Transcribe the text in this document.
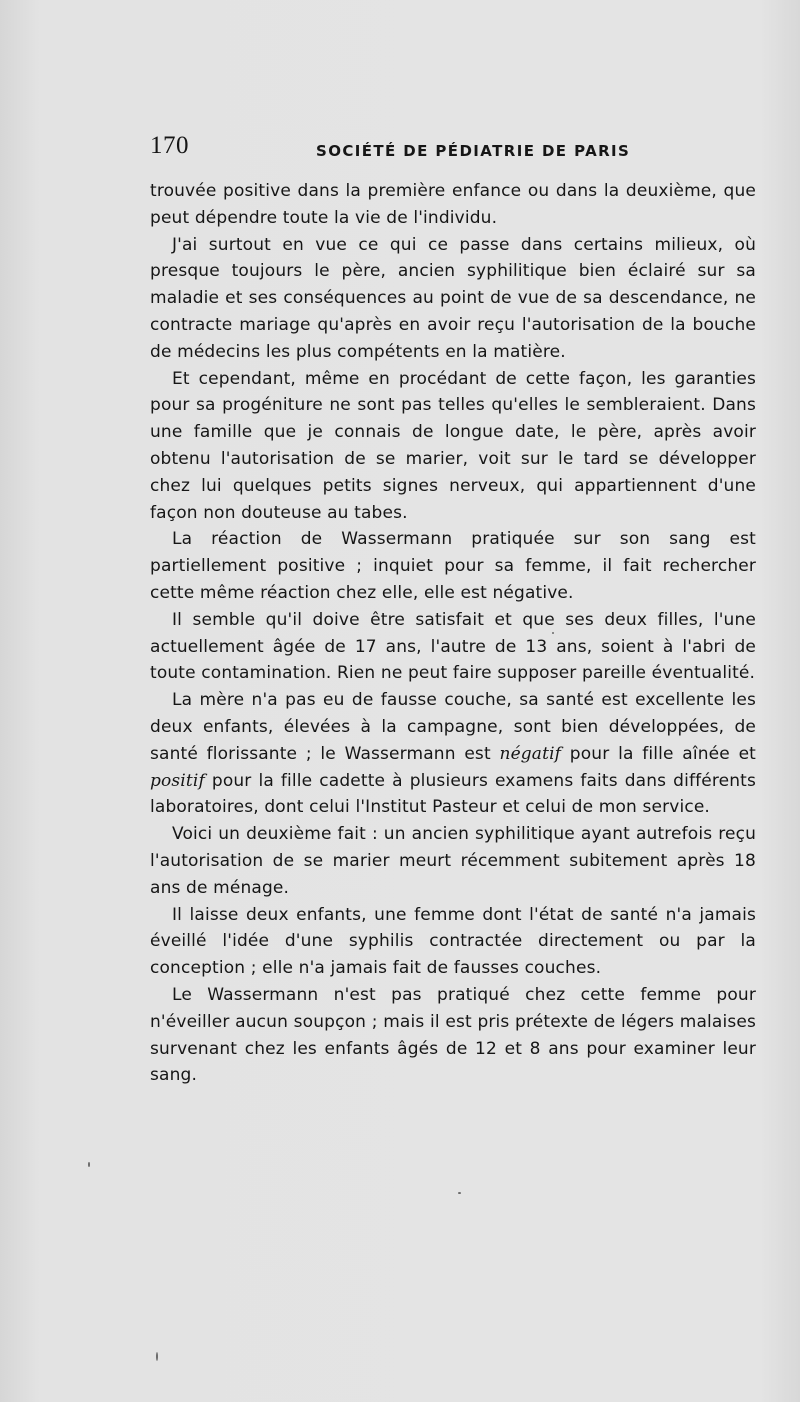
170	SOCIÉTÉ DE PÉDIATRIE DE PARIS

trouvée positive dans la première enfance ou dans la deuxième, que peut dépendre toute la vie de l'individu.

J'ai surtout en vue ce qui ce passe dans certains milieux, où presque toujours le père, ancien syphilitique bien éclairé sur sa maladie et ses conséquences au point de vue de sa descendance, ne contracte mariage qu'après en avoir reçu l'autorisation de la bouche de médecins les plus compétents en la matière.

Et cependant, même en procédant de cette façon, les garanties pour sa progéniture ne sont pas telles qu'elles le sembleraient. Dans une famille que je connais de longue date, le père, après avoir obtenu l'autorisation de se marier, voit sur le tard se développer chez lui quelques petits signes nerveux, qui appartiennent d'une façon non douteuse au tabes.

La réaction de Wassermann pratiquée sur son sang est partiellement positive ; inquiet pour sa femme, il fait rechercher cette même réaction chez elle, elle est négative.

Il semble qu'il doive être satisfait et que ses deux filles, l'une actuellement âgée de 17 ans, l'autre de 13 ans, soient à l'abri de toute contamination. Rien ne peut faire supposer pareille éventualité.

La mère n'a pas eu de fausse couche, sa santé est excellente les deux enfants, élevées à la campagne, sont bien développées, de santé florissante ; le Wassermann est négatif pour la fille aînée et positif pour la fille cadette à plusieurs examens faits dans différents laboratoires, dont celui l'Institut Pasteur et celui de mon service.

Voici un deuxième fait : un ancien syphilitique ayant autrefois reçu l'autorisation de se marier meurt récemment subitement après 18 ans de ménage.

Il laisse deux enfants, une femme dont l'état de santé n'a jamais éveillé l'idée d'une syphilis contractée directement ou par la conception ; elle n'a jamais fait de fausses couches.

Le Wassermann n'est pas pratiqué chez cette femme pour n'éveiller aucun soupçon ; mais il est pris prétexte de légers malaises survenant chez les enfants âgés de 12 et 8 ans pour examiner leur sang.
